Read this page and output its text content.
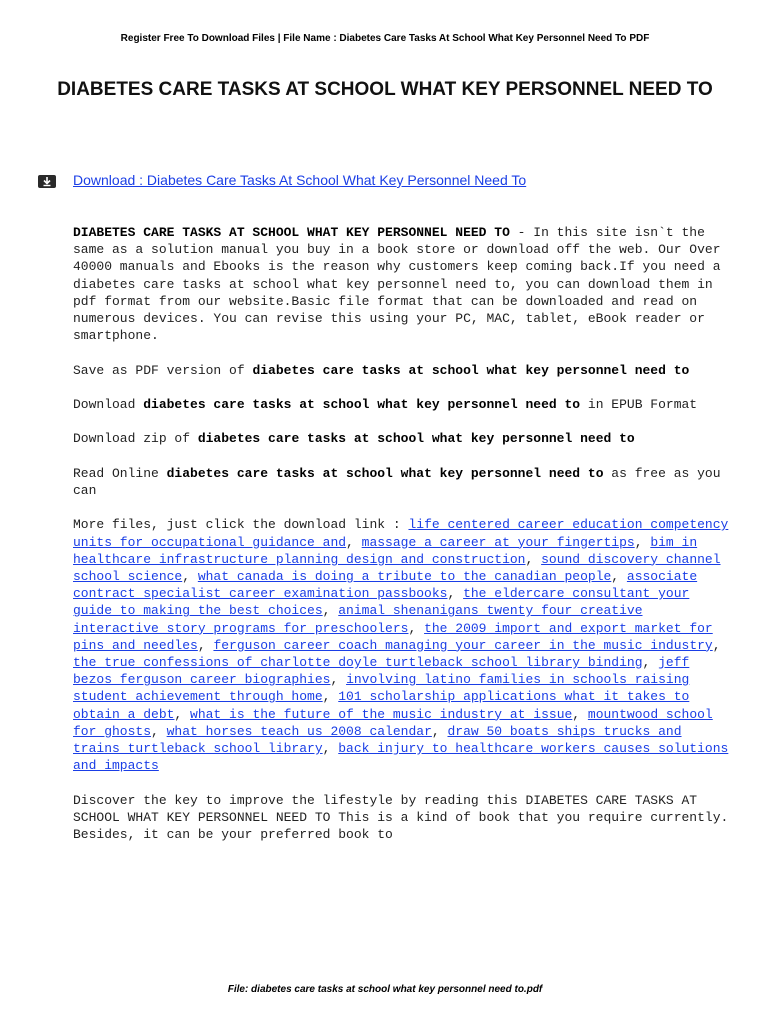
Register Free To Download Files | File Name : Diabetes Care Tasks At School What Key Personnel Need To PDF
DIABETES CARE TASKS AT SCHOOL WHAT KEY PERSONNEL NEED TO
Download : Diabetes Care Tasks At School What Key Personnel Need To

DIABETES CARE TASKS AT SCHOOL WHAT KEY PERSONNEL NEED TO - In this site isn`t the same as a solution manual you buy in a book store or download off the web. Our Over 40000 manuals and Ebooks is the reason why customers keep coming back.If you need a diabetes care tasks at school what key personnel need to, you can download them in pdf format from our website.Basic file format that can be downloaded and read on numerous devices. You can revise this using your PC, MAC, tablet, eBook reader or smartphone.

Save as PDF version of diabetes care tasks at school what key personnel need to

Download diabetes care tasks at school what key personnel need to in EPUB Format

Download zip of diabetes care tasks at school what key personnel need to

Read Online diabetes care tasks at school what key personnel need to as free as you can

More files, just click the download link : life centered career education competency units for occupational guidance and, massage a career at your fingertips, bim in healthcare infrastructure planning design and construction, sound discovery channel school science, what canada is doing a tribute to the canadian people, associate contract specialist career examination passbooks, the eldercare consultant your guide to making the best choices, animal shenanigans twenty four creative interactive story programs for preschoolers, the 2009 import and export market for pins and needles, ferguson career coach managing your career in the music industry, the true confessions of charlotte doyle turtleback school library binding, jeff bezos ferguson career biographies, involving latino families in schools raising student achievement through home, 101 scholarship applications what it takes to obtain a debt, what is the future of the music industry at issue, mountwood school for ghosts, what horses teach us 2008 calendar, draw 50 boats ships trucks and trains turtleback school library, back injury to healthcare workers causes solutions and impacts

Discover the key to improve the lifestyle by reading this DIABETES CARE TASKS AT SCHOOL WHAT KEY PERSONNEL NEED TO This is a kind of book that you require currently. Besides, it can be your preferred book to

File: diabetes care tasks at school what key personnel need to.pdf
